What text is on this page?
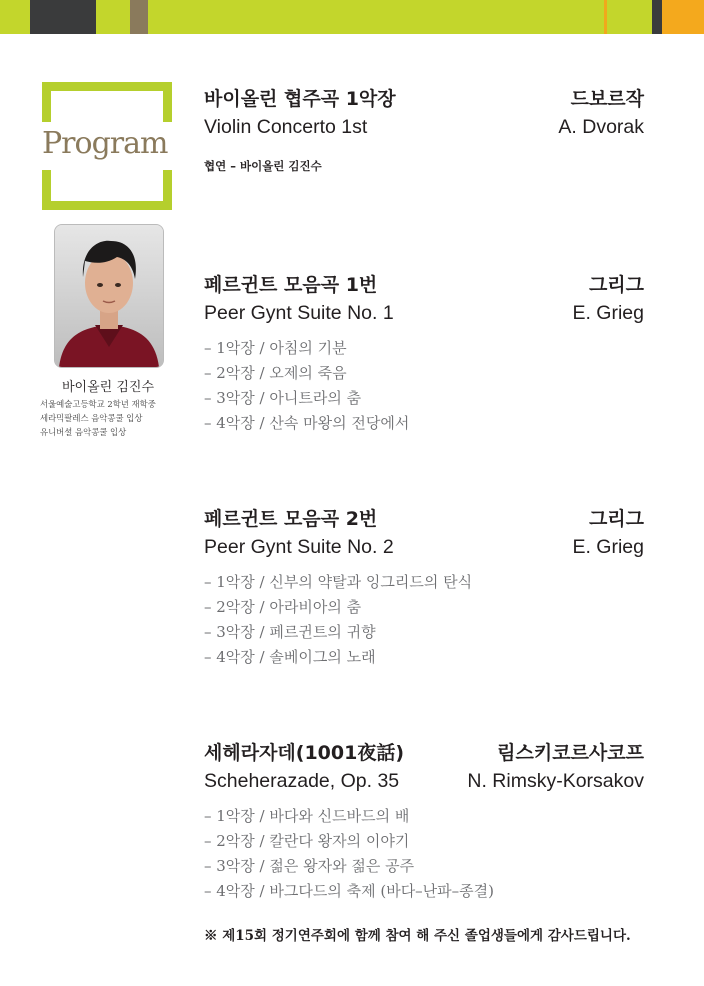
Program
바이올린 김진수
서울예술고등학교 2학년 재학중
세라믹팔레스 음악콩쿨 입상
유니버셜 음악콩쿨 입상
바이올린 협주곡 1악장	드보르작
Violin Concerto 1st	A. Dvorak
협연 – 바이올린 김진수
페르귄트 모음곡 1번	그리그
Peer Gynt Suite No. 1	E. Grieg
– 1악장 / 아침의 기분
– 2악장 / 오제의 죽음
– 3악장 / 아니트라의 춤
– 4악장 / 산속 마왕의 전당에서
페르귄트 모음곡 2번	그리그
Peer Gynt Suite No. 2	E. Grieg
– 1악장 / 신부의 약탈과 잉그리드의 탄식
– 2악장 / 아라비아의 춤
– 3악장 / 페르귄트의 귀향
– 4악장 / 솔베이그의 노래
세헤라자데(1001夜話)	림스키코르사코프
Scheherazade, Op. 35	N. Rimsky-Korsakov
– 1악장 / 바다와 신드바드의 배
– 2악장 / 칼란다 왕자의 이야기
– 3악장 / 젊은 왕자와 젊은 공주
– 4악장 / 바그다드의 축제 (바다–난파–종결)
※ 제15회 정기연주회에 함께 참여 해 주신 졸업생들에게 감사드립니다.
